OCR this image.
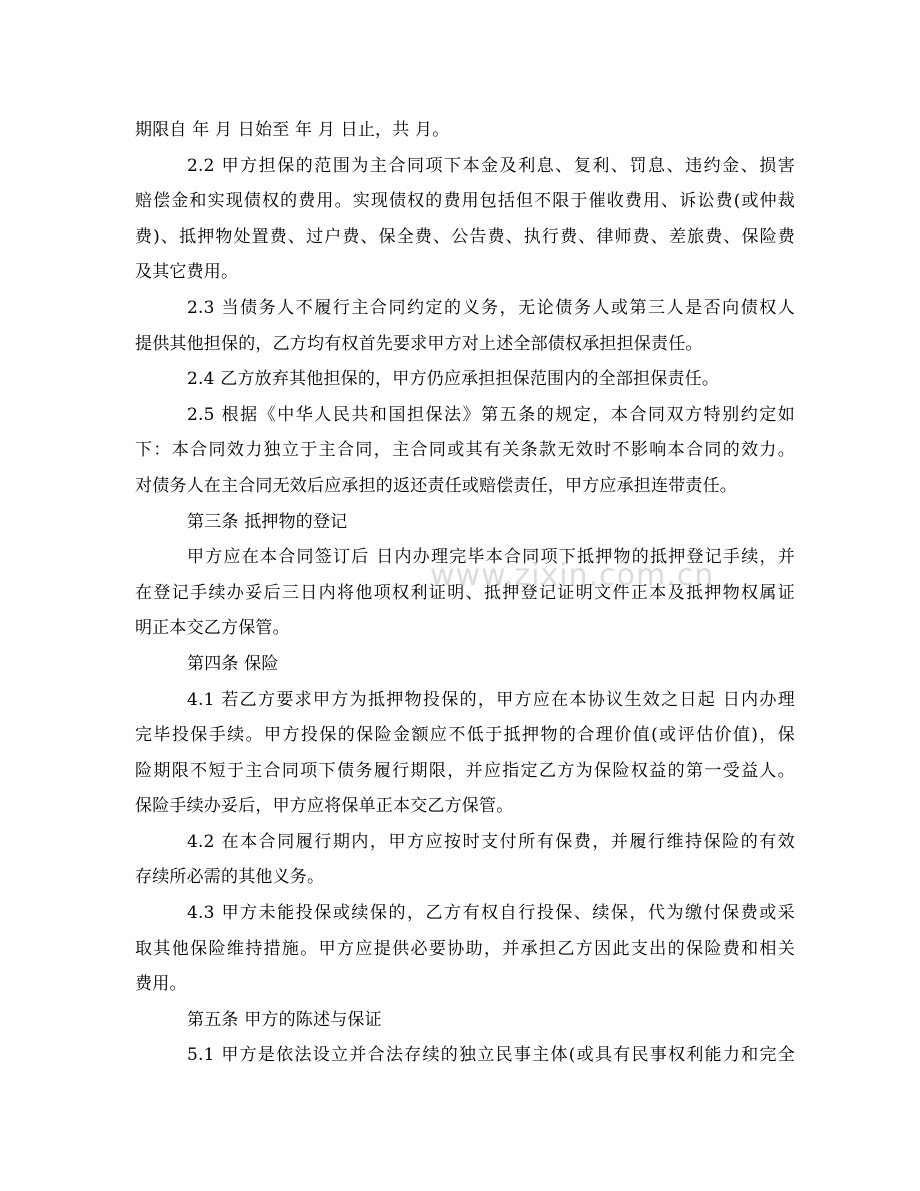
期限自 年 月 日始至 年 月 日止，共 月。
2.2 甲方担保的范围为主合同项下本金及利息、复利、罚息、违约金、损害
赔偿金和实现债权的费用。实现债权的费用包括但不限于催收费用、诉讼费(或仲裁
费)、抵押物处置费、过户费、保全费、公告费、执行费、律师费、差旅费、保险费
及其它费用。
2.3 当债务人不履行主合同约定的义务，无论债务人或第三人是否向债权人
提供其他担保的，乙方均有权首先要求甲方对上述全部债权承担担保责任。
2.4 乙方放弃其他担保的，甲方仍应承担担保范围内的全部担保责任。
2.5 根据《中华人民共和国担保法》第五条的规定，本合同双方特别约定如
下：本合同效力独立于主合同，主合同或其有关条款无效时不影响本合同的效力。
对债务人在主合同无效后应承担的返还责任或赔偿责任，甲方应承担连带责任。
第三条 抵押物的登记
甲方应在本合同签订后 日内办理完毕本合同项下抵押物的抵押登记手续，并
在登记手续办妥后三日内将他项权利证明、抵押登记证明文件正本及抵押物权属证
明正本交乙方保管。
第四条 保险
4.1 若乙方要求甲方为抵押物投保的，甲方应在本协议生效之日起 日内办理
完毕投保手续。甲方投保的保险金额应不低于抵押物的合理价值(或评估价值)，保
险期限不短于主合同项下债务履行期限，并应指定乙方为保险权益的第一受益人。
保险手续办妥后，甲方应将保单正本交乙方保管。
4.2 在本合同履行期内，甲方应按时支付所有保费，并履行维持保险的有效
存续所必需的其他义务。
4.3 甲方未能投保或续保的，乙方有权自行投保、续保，代为缴付保费或采
取其他保险维持措施。甲方应提供必要协助，并承担乙方因此支出的保险费和相关
费用。
第五条 甲方的陈述与保证
5.1 甲方是依法设立并合法存续的独立民事主体(或具有民事权利能力和完全
www.zixin.com.cn
